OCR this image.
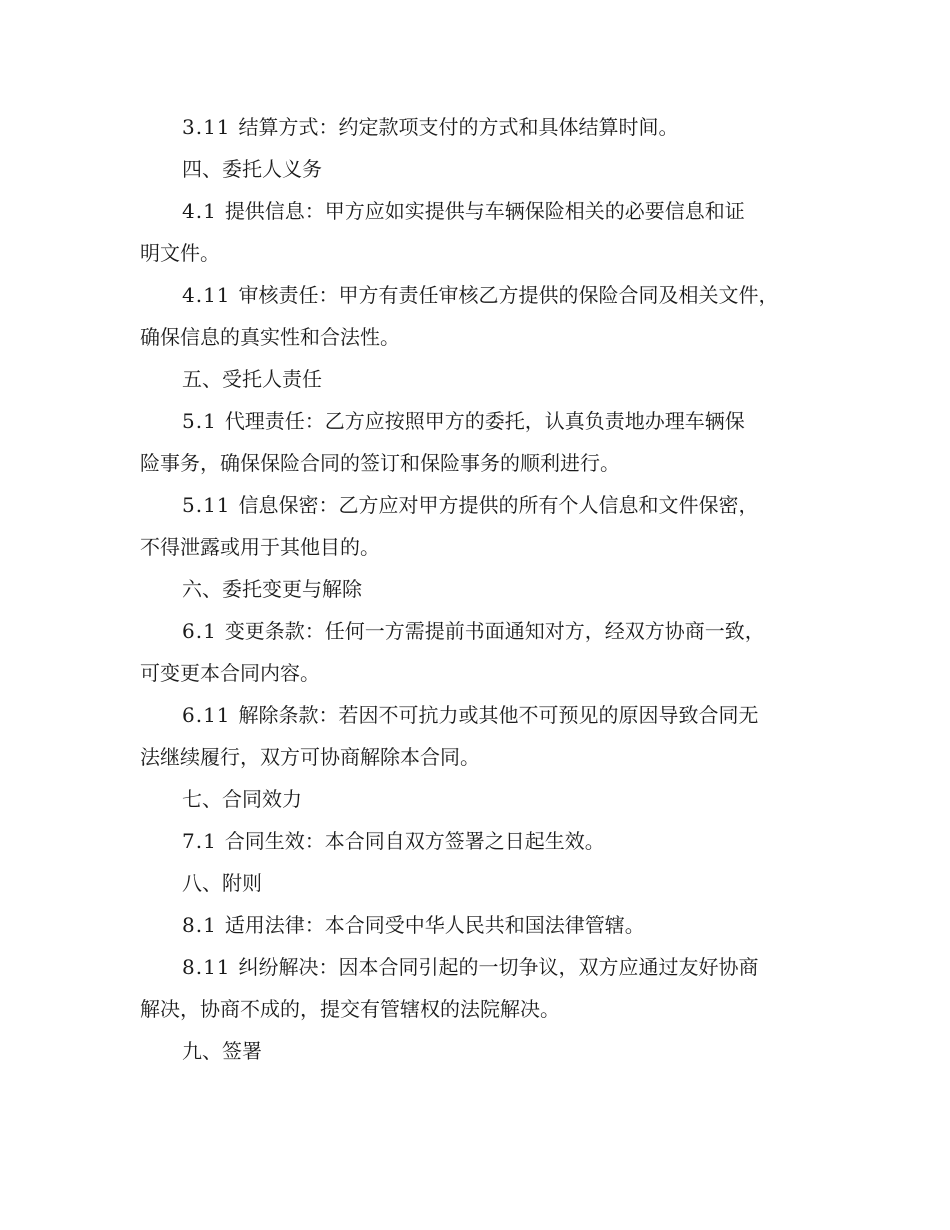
3.11 结算方式：约定款项支付的方式和具体结算时间。

四、委托人义务

4.1 提供信息：甲方应如实提供与车辆保险相关的必要信息和证

明文件。

4.11 审核责任：甲方有责任审核乙方提供的保险合同及相关文件，

确保信息的真实性和合法性。

五、受托人责任

5.1 代理责任：乙方应按照甲方的委托，认真负责地办理车辆保

险事务，确保保险合同的签订和保险事务的顺利进行。

5.11 信息保密：乙方应对甲方提供的所有个人信息和文件保密，

不得泄露或用于其他目的。

六、委托变更与解除

6.1 变更条款：任何一方需提前书面通知对方，经双方协商一致，

可变更本合同内容。

6.11 解除条款：若因不可抗力或其他不可预见的原因导致合同无

法继续履行，双方可协商解除本合同。

七、合同效力

7.1 合同生效：本合同自双方签署之日起生效。

八、附则

8.1 适用法律：本合同受中华人民共和国法律管辖。

8.11 纠纷解决：因本合同引起的一切争议，双方应通过友好协商

解决，协商不成的，提交有管辖权的法院解决。

九、签署
